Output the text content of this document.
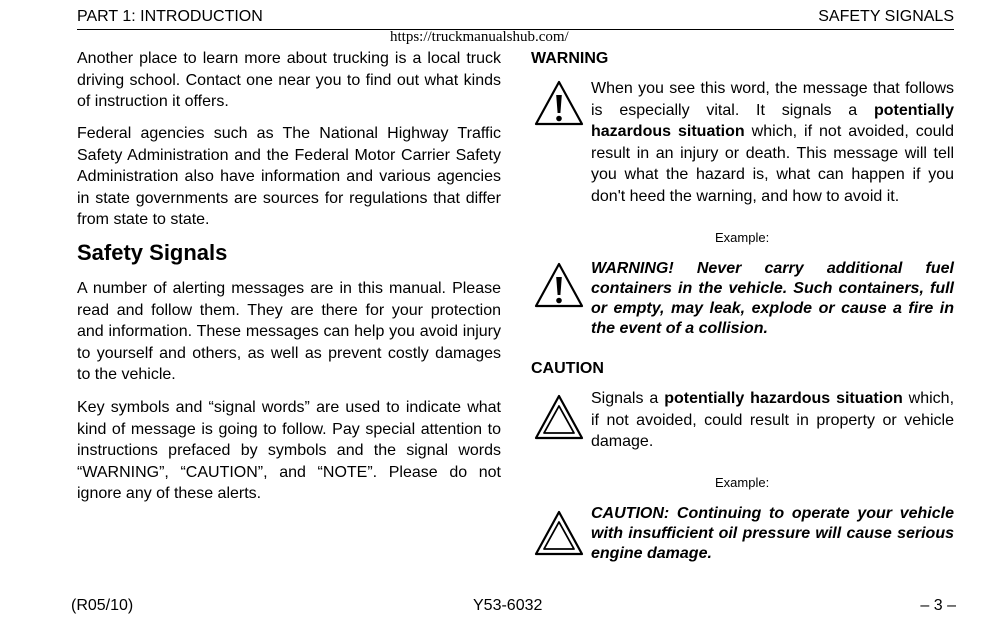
PART 1: INTRODUCTION	SAFETY SIGNALS
https://truckmanualshub.com/

Another place to learn more about trucking is a local truck driving school. Contact one near you to find out what kinds of instruction it offers.

Federal agencies such as The National Highway Traffic Safety Administration and the Federal Motor Carrier Safety Administration also have information and various agencies in state governments are sources for regulations that differ from state to state.

Safety Signals

A number of alerting messages are in this manual. Please read and follow them. They are there for your protection and information. These messages can help you avoid injury to yourself and others, as well as prevent costly damages to the vehicle.

Key symbols and “signal words” are used to indicate what kind of message is going to follow. Pay special attention to instructions prefaced by symbols and the signal words “WARNING”, “CAUTION”, and “NOTE”. Please do not ignore any of these alerts.

WARNING
When you see this word, the message that follows is especially vital. It signals a potentially hazardous situation which, if not avoided, could result in an injury or death. This message will tell you what the hazard is, what can happen if you don't heed the warning, and how to avoid it.
Example:
WARNING! Never carry additional fuel containers in the vehicle. Such containers, full or empty, may leak, explode or cause a fire in the event of a collision.
CAUTION
Signals a potentially hazardous situation which, if not avoided, could result in property or vehicle damage.
Example:
CAUTION: Continuing to operate your vehicle with insufficient oil pressure will cause serious engine damage.
(R05/10)	Y53-6032	– 3 –
